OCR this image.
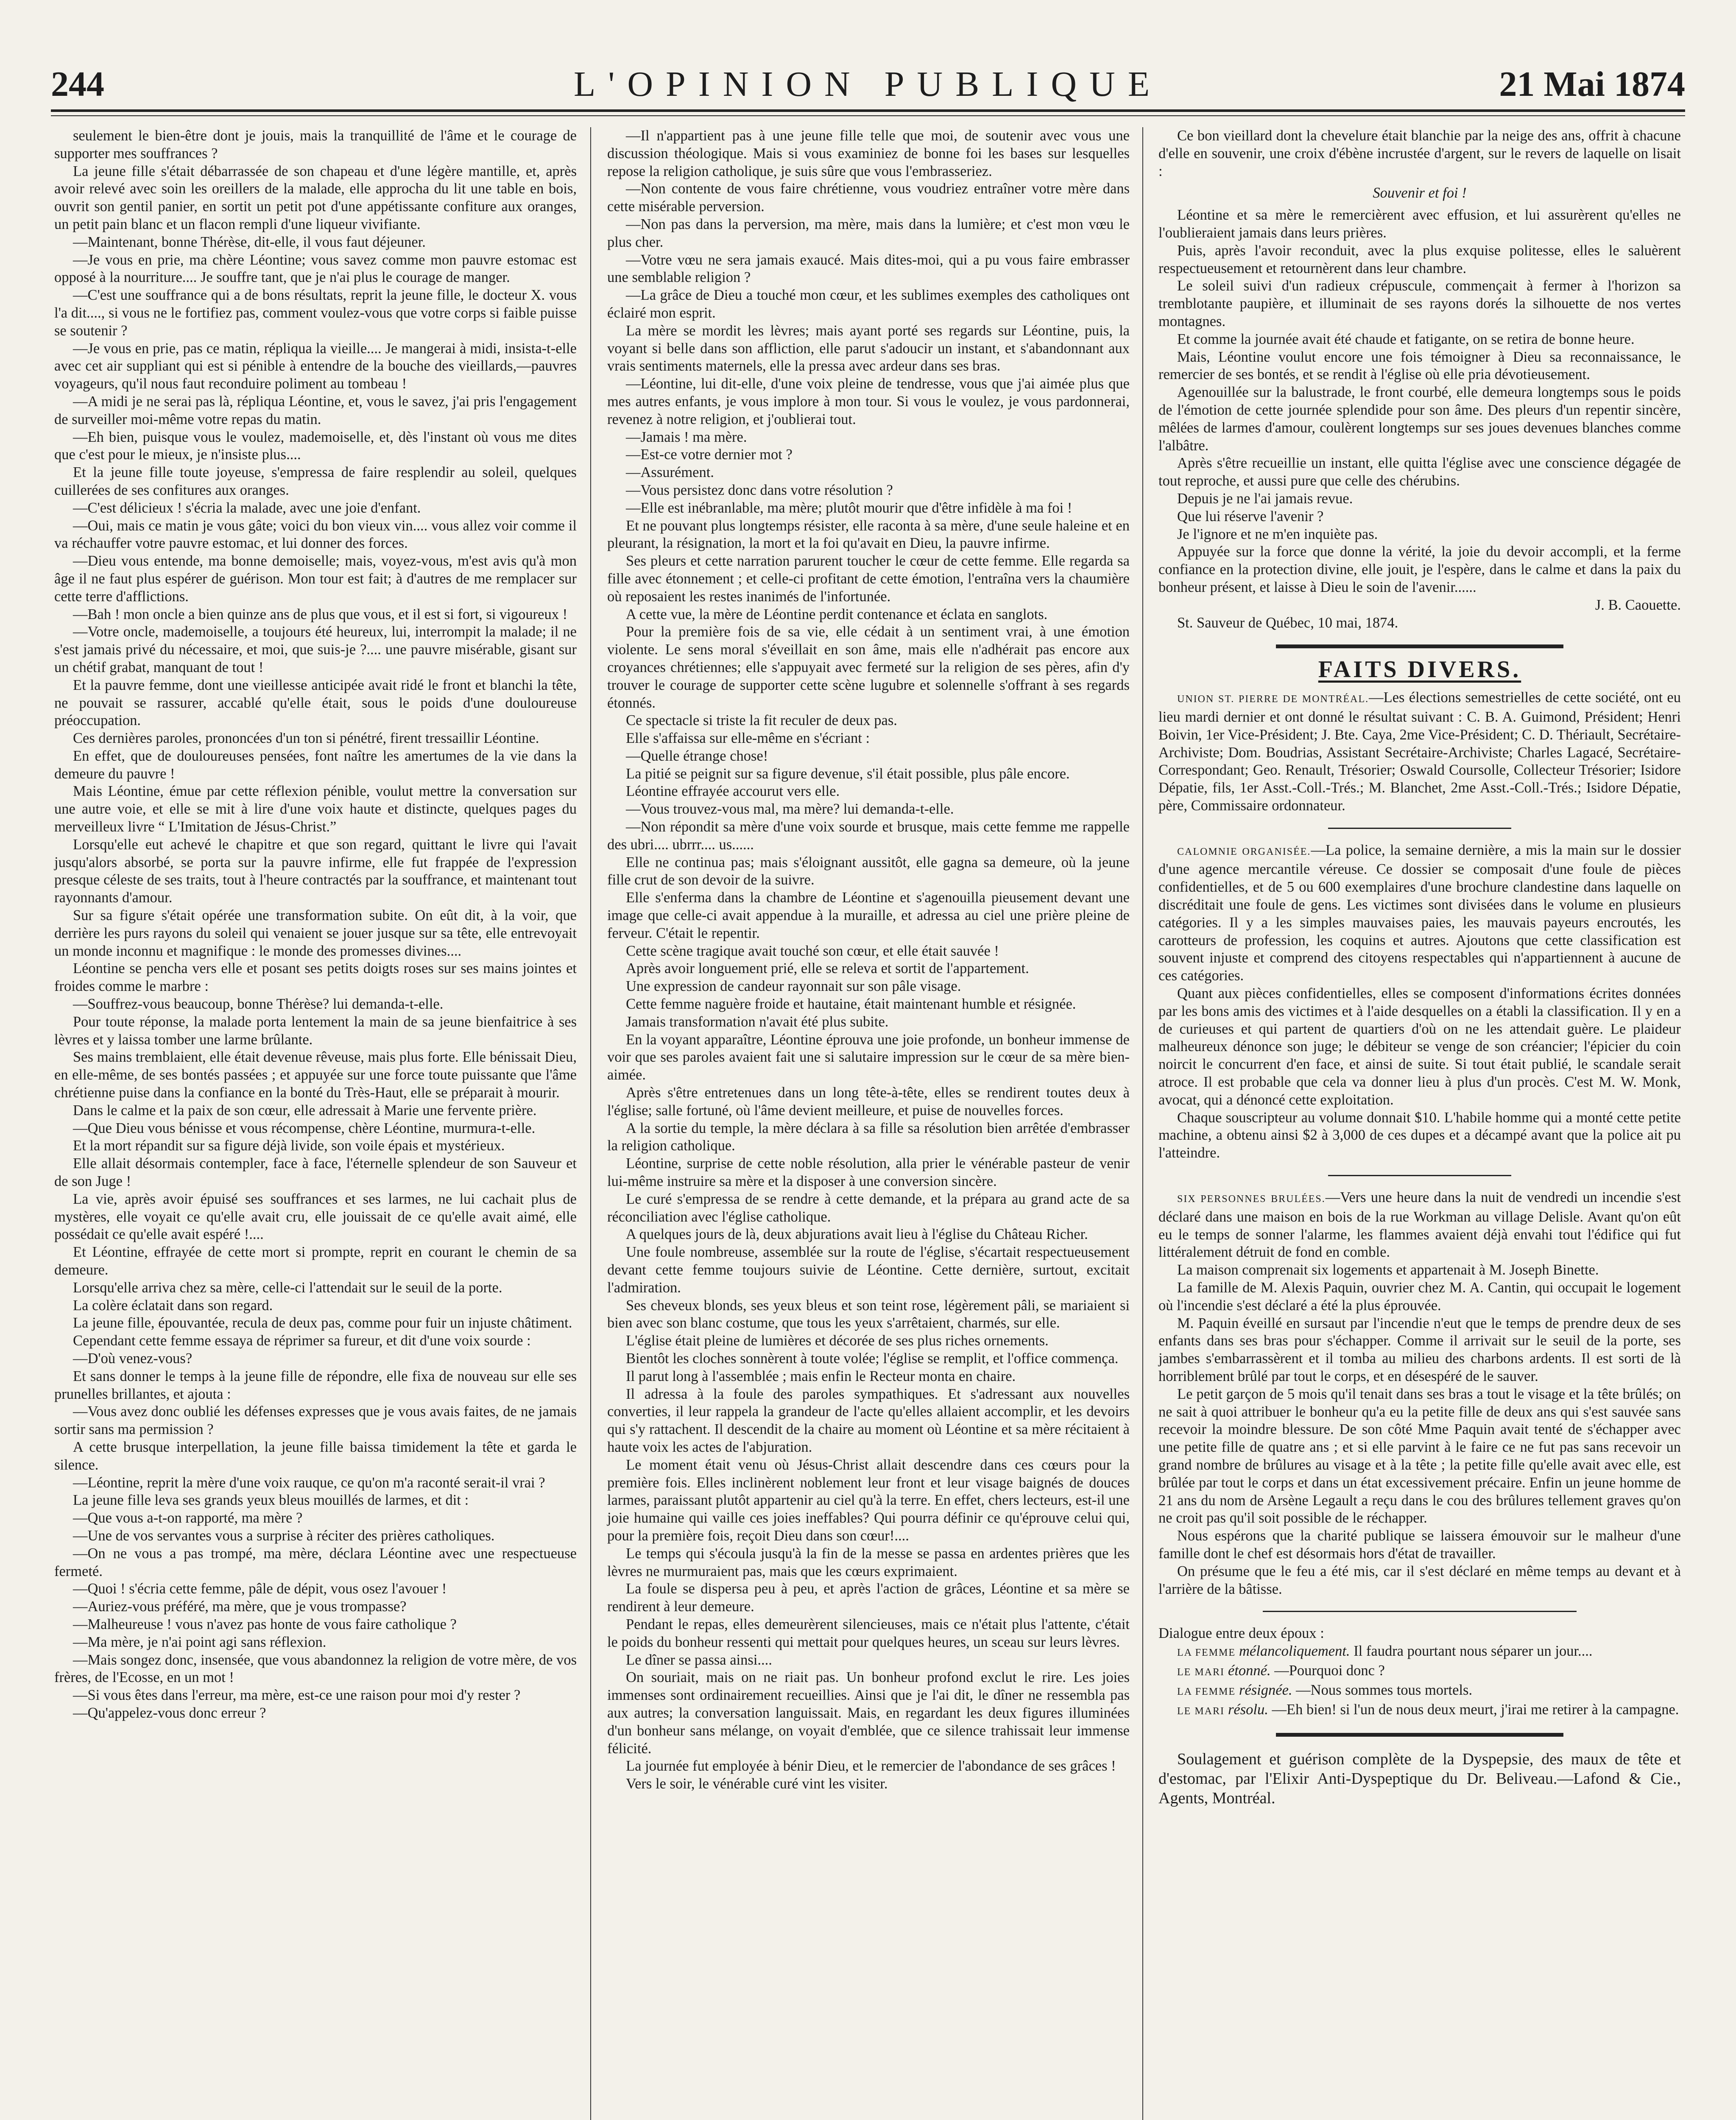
244	L'OPINION PUBLIQUE	21 Mai 1874

seulement le bien-être dont je jouis, mais la tranquillité de l'âme et le courage de supporter mes souffrances ?

La jeune fille s'était débarrassée de son chapeau et d'une légère mantille, et, après avoir relevé avec soin les oreillers de la malade, elle approcha du lit une table en bois, ouvrit son gentil panier, en sortit un petit pot d'une appétissante confiture aux oranges, un petit pain blanc et un flacon rempli d'une liqueur vivifiante.

—Maintenant, bonne Thérèse, dit-elle, il vous faut déjeuner.

—Je vous en prie, ma chère Léontine; vous savez comme mon pauvre estomac est opposé à la nourriture.... Je souffre tant, que je n'ai plus le courage de manger.

—C'est une souffrance qui a de bons résultats, reprit la jeune fille, le docteur X. vous l'a dit...., si vous ne le fortifiez pas, comment voulez-vous que votre corps si faible puisse se soutenir ?

—Je vous en prie, pas ce matin, répliqua la vieille.... Je mangerai à midi, insista-t-elle avec cet air suppliant qui est si pénible à entendre de la bouche des vieillards,—pauvres voyageurs, qu'il nous faut reconduire poliment au tombeau !

—A midi je ne serai pas là, répliqua Léontine, et, vous le savez, j'ai pris l'engagement de surveiller moi-même votre repas du matin.

—Eh bien, puisque vous le voulez, mademoiselle, et, dès l'instant où vous me dites que c'est pour le mieux, je n'insiste plus....

Et la jeune fille toute joyeuse, s'empressa de faire resplendir au soleil, quelques cuillerées de ses confitures aux oranges.

—C'est délicieux ! s'écria la malade, avec une joie d'enfant.

—Oui, mais ce matin je vous gâte; voici du bon vieux vin.... vous allez voir comme il va réchauffer votre pauvre estomac, et lui donner des forces.

—Dieu vous entende, ma bonne demoiselle; mais, voyez-vous, m'est avis qu'à mon âge il ne faut plus espérer de guérison. Mon tour est fait; à d'autres de me remplacer sur cette terre d'afflictions.

—Bah ! mon oncle a bien quinze ans de plus que vous, et il est si fort, si vigoureux !

—Votre oncle, mademoiselle, a toujours été heureux, lui, interrompit la malade; il ne s'est jamais privé du nécessaire, et moi, que suis-je ?.... une pauvre misérable, gisant sur un chétif grabat, manquant de tout !

Et la pauvre femme, dont une vieillesse anticipée avait ridé le front et blanchi la tête, ne pouvait se rassurer, accablé qu'elle était, sous le poids d'une douloureuse préoccupation.

Ces dernières paroles, prononcées d'un ton si pénétré, firent tressaillir Léontine.

En effet, que de douloureuses pensées, font naître les amertumes de la vie dans la demeure du pauvre !

Mais Léontine, émue par cette réflexion pénible, voulut mettre la conversation sur une autre voie, et elle se mit à lire d'une voix haute et distincte, quelques pages du merveilleux livre “ L'Imitation de Jésus-Christ.”

Lorsqu'elle eut achevé le chapitre et que son regard, quittant le livre qui l'avait jusqu'alors absorbé, se porta sur la pauvre infirme, elle fut frappée de l'expression presque céleste de ses traits, tout à l'heure contractés par la souffrance, et maintenant tout rayonnants d'amour.

Sur sa figure s'était opérée une transformation subite. On eût dit, à la voir, que derrière les purs rayons du soleil qui venaient se jouer jusque sur sa tête, elle entrevoyait un monde inconnu et magnifique : le monde des promesses divines....

Léontine se pencha vers elle et posant ses petits doigts roses sur ses mains jointes et froides comme le marbre :

—Souffrez-vous beaucoup, bonne Thérèse? lui demanda-t-elle.

Pour toute réponse, la malade porta lentement la main de sa jeune bienfaitrice à ses lèvres et y laissa tomber une larme brûlante.

Ses mains tremblaient, elle était devenue rêveuse, mais plus forte. Elle bénissait Dieu, en elle-même, de ses bontés passées ; et appuyée sur une force toute puissante que l'âme chrétienne puise dans la confiance en la bonté du Très-Haut, elle se préparait à mourir.

Dans le calme et la paix de son cœur, elle adressait à Marie une fervente prière.

—Que Dieu vous bénisse et vous récompense, chère Léontine, murmura-t-elle.

Et la mort répandit sur sa figure déjà livide, son voile épais et mystérieux.

Elle allait désormais contempler, face à face, l'éternelle splendeur de son Sauveur et de son Juge !

La vie, après avoir épuisé ses souffrances et ses larmes, ne lui cachait plus de mystères, elle voyait ce qu'elle avait cru, elle jouissait de ce qu'elle avait aimé, elle possédait ce qu'elle avait espéré !....

Et Léontine, effrayée de cette mort si prompte, reprit en courant le chemin de sa demeure.

Lorsqu'elle arriva chez sa mère, celle-ci l'attendait sur le seuil de la porte.

La colère éclatait dans son regard.

La jeune fille, épouvantée, recula de deux pas, comme pour fuir un injuste châtiment.

Cependant cette femme essaya de réprimer sa fureur, et dit d'une voix sourde :

—D'où venez-vous?

Et sans donner le temps à la jeune fille de répondre, elle fixa de nouveau sur elle ses prunelles brillantes, et ajouta :

—Vous avez donc oublié les défenses expresses que je vous avais faites, de ne jamais sortir sans ma permission ?

A cette brusque interpellation, la jeune fille baissa timidement la tête et garda le silence.

—Léontine, reprit la mère d'une voix rauque, ce qu'on m'a raconté serait-il vrai ?

La jeune fille leva ses grands yeux bleus mouillés de larmes, et dit :

—Que vous a-t-on rapporté, ma mère ?

—Une de vos servantes vous a surprise à réciter des prières catholiques.

—On ne vous a pas trompé, ma mère, déclara Léontine avec une respectueuse fermeté.

—Quoi ! s'écria cette femme, pâle de dépit, vous osez l'avouer !

—Auriez-vous préféré, ma mère, que je vous trompasse?

—Malheureuse ! vous n'avez pas honte de vous faire catholique ?

—Ma mère, je n'ai point agi sans réflexion.

—Mais songez donc, insensée, que vous abandonnez la religion de votre mère, de vos frères, de l'Ecosse, en un mot !

—Si vous êtes dans l'erreur, ma mère, est-ce une raison pour moi d'y rester ?

—Qu'appelez-vous donc erreur ?

—Il n'appartient pas à une jeune fille telle que moi, de soutenir avec vous une discussion théologique. Mais si vous examiniez de bonne foi les bases sur lesquelles repose la religion catholique, je suis sûre que vous l'embrasseriez.

—Non contente de vous faire chrétienne, vous voudriez entraîner votre mère dans cette misérable perversion.

—Non pas dans la perversion, ma mère, mais dans la lumière; et c'est mon vœu le plus cher.

—Votre vœu ne sera jamais exaucé. Mais dites-moi, qui a pu vous faire embrasser une semblable religion ?

—La grâce de Dieu a touché mon cœur, et les sublimes exemples des catholiques ont éclairé mon esprit.

La mère se mordit les lèvres; mais ayant porté ses regards sur Léontine, puis, la voyant si belle dans son affliction, elle parut s'adoucir un instant, et s'abandonnant aux vrais sentiments maternels, elle la pressa avec ardeur dans ses bras.

—Léontine, lui dit-elle, d'une voix pleine de tendresse, vous que j'ai aimée plus que mes autres enfants, je vous implore à mon tour. Si vous le voulez, je vous pardonnerai, revenez à notre religion, et j'oublierai tout.

—Jamais ! ma mère.

—Est-ce votre dernier mot ?

—Assurément.

—Vous persistez donc dans votre résolution ?

—Elle est inébranlable, ma mère; plutôt mourir que d'être infidèle à ma foi !

Et ne pouvant plus longtemps résister, elle raconta à sa mère, d'une seule haleine et en pleurant, la résignation, la mort et la foi qu'avait en Dieu, la pauvre infirme.

Ses pleurs et cette narration parurent toucher le cœur de cette femme. Elle regarda sa fille avec étonnement ; et celle-ci profitant de cette émotion, l'entraîna vers la chaumière où reposaient les restes inanimés de l'infortunée.

A cette vue, la mère de Léontine perdit contenance et éclata en sanglots.

Pour la première fois de sa vie, elle cédait à un sentiment vrai, à une émotion violente. Le sens moral s'éveillait en son âme, mais elle n'adhérait pas encore aux croyances chrétiennes; elle s'appuyait avec fermeté sur la religion de ses pères, afin d'y trouver le courage de supporter cette scène lugubre et solennelle s'offrant à ses regards étonnés.

Ce spectacle si triste la fit reculer de deux pas.

Elle s'affaissa sur elle-même en s'écriant :

—Quelle étrange chose!

La pitié se peignit sur sa figure devenue, s'il était possible, plus pâle encore.

Léontine effrayée accourut vers elle.

—Vous trouvez-vous mal, ma mère? lui demanda-t-elle.

—Non répondit sa mère d'une voix sourde et brusque, mais cette femme me rappelle des ubri.... ubrrr.... us......

Elle ne continua pas; mais s'éloignant aussitôt, elle gagna sa demeure, où la jeune fille crut de son devoir de la suivre.

Elle s'enferma dans la chambre de Léontine et s'agenouilla pieusement devant une image que celle-ci avait appendue à la muraille, et adressa au ciel une prière pleine de ferveur. C'était le repentir.

Cette scène tragique avait touché son cœur, et elle était sauvée !

Après avoir longuement prié, elle se releva et sortit de l'appartement.

Une expression de candeur rayonnait sur son pâle visage.

Cette femme naguère froide et hautaine, était maintenant humble et résignée.

Jamais transformation n'avait été plus subite.

En la voyant apparaître, Léontine éprouva une joie profonde, un bonheur immense de voir que ses paroles avaient fait une si salutaire impression sur le cœur de sa mère bien-aimée.

Après s'être entretenues dans un long tête-à-tête, elles se rendirent toutes deux à l'église; salle fortuné, où l'âme devient meilleure, et puise de nouvelles forces.

A la sortie du temple, la mère déclara à sa fille sa résolution bien arrêtée d'embrasser la religion catholique.

Léontine, surprise de cette noble résolution, alla prier le vénérable pasteur de venir lui-même instruire sa mère et la disposer à une conversion sincère.

Le curé s'empressa de se rendre à cette demande, et la prépara au grand acte de sa réconciliation avec l'église catholique.

A quelques jours de là, deux abjurations avait lieu à l'église du Château Richer.

Une foule nombreuse, assemblée sur la route de l'église, s'écartait respectueusement devant cette femme toujours suivie de Léontine. Cette dernière, surtout, excitait l'admiration.

Ses cheveux blonds, ses yeux bleus et son teint rose, légèrement pâli, se mariaient si bien avec son blanc costume, que tous les yeux s'arrêtaient, charmés, sur elle.

L'église était pleine de lumières et décorée de ses plus riches ornements.

Bientôt les cloches sonnèrent à toute volée; l'église se remplit, et l'office commença.

Il parut long à l'assemblée ; mais enfin le Recteur monta en chaire.

Il adressa à la foule des paroles sympathiques. Et s'adressant aux nouvelles converties, il leur rappela la grandeur de l'acte qu'elles allaient accomplir, et les devoirs qui s'y rattachent. Il descendit de la chaire au moment où Léontine et sa mère récitaient à haute voix les actes de l'abjuration.

Le moment était venu où Jésus-Christ allait descendre dans ces cœurs pour la première fois. Elles inclinèrent noblement leur front et leur visage baignés de douces larmes, paraissant plutôt appartenir au ciel qu'à la terre. En effet, chers lecteurs, est-il une joie humaine qui vaille ces joies ineffables? Qui pourra définir ce qu'éprouve celui qui, pour la première fois, reçoit Dieu dans son cœur!....

Le temps qui s'écoula jusqu'à la fin de la messe se passa en ardentes prières que les lèvres ne murmuraient pas, mais que les cœurs exprimaient.

La foule se dispersa peu à peu, et après l'action de grâces, Léontine et sa mère se rendirent à leur demeure.

Pendant le repas, elles demeurèrent silencieuses, mais ce n'était plus l'attente, c'était le poids du bonheur ressenti qui mettait pour quelques heures, un sceau sur leurs lèvres.

Le dîner se passa ainsi....

On souriait, mais on ne riait pas. Un bonheur profond exclut le rire. Les joies immenses sont ordinairement recueillies. Ainsi que je l'ai dit, le dîner ne ressembla pas aux autres; la conversation languissait. Mais, en regardant les deux figures illuminées d'un bonheur sans mélange, on voyait d'emblée, que ce silence trahissait leur immense félicité.

La journée fut employée à bénir Dieu, et le remercier de l'abondance de ses grâces !

Vers le soir, le vénérable curé vint les visiter.

Ce bon vieillard dont la chevelure était blanchie par la neige des ans, offrit à chacune d'elle en souvenir, une croix d'ébène incrustée d'argent, sur le revers de laquelle on lisait :

Souvenir et foi !

Léontine et sa mère le remercièrent avec effusion, et lui assurèrent qu'elles ne l'oublieraient jamais dans leurs prières.

Puis, après l'avoir reconduit, avec la plus exquise politesse, elles le saluèrent respectueusement et retournèrent dans leur chambre.

Le soleil suivi d'un radieux crépuscule, commençait à fermer à l'horizon sa tremblotante paupière, et illuminait de ses rayons dorés la silhouette de nos vertes montagnes.

Et comme la journée avait été chaude et fatigante, on se retira de bonne heure.

Mais, Léontine voulut encore une fois témoigner à Dieu sa reconnaissance, le remercier de ses bontés, et se rendit à l'église où elle pria dévotieusement.

Agenouillée sur la balustrade, le front courbé, elle demeura longtemps sous le poids de l'émotion de cette journée splendide pour son âme. Des pleurs d'un repentir sincère, mêlées de larmes d'amour, coulèrent longtemps sur ses joues devenues blanches comme l'albâtre.

Après s'être recueillie un instant, elle quitta l'église avec une conscience dégagée de tout reproche, et aussi pure que celle des chérubins.

Depuis je ne l'ai jamais revue.

Que lui réserve l'avenir ?

Je l'ignore et ne m'en inquiète pas.

Appuyée sur la force que donne la vérité, la joie du devoir accompli, et la ferme confiance en la protection divine, elle jouit, je l'espère, dans le calme et dans la paix du bonheur présent, et laisse à Dieu le soin de l'avenir......

J. B. Caouette.

St. Sauveur de Québec, 10 mai, 1874.

FAITS DIVERS.

UNION ST. PIERRE DE MONTRÉAL.—Les élections semestrielles de cette société, ont eu lieu mardi dernier et ont donné le résultat suivant : C. B. A. Guimond, Président; Henri Boivin, 1er Vice-Président; J. Bte. Caya, 2me Vice-Président; C. D. Thériault, Secrétaire-Archiviste; Dom. Boudrias, Assistant Secrétaire-Archiviste; Charles Lagacé, Secrétaire-Correspondant; Geo. Renault, Trésorier; Oswald Coursolle, Collecteur Trésorier; Isidore Dépatie, fils, 1er Asst.-Coll.-Trés.; M. Blanchet, 2me Asst.-Coll.-Trés.; Isidore Dépatie, père, Commissaire ordonnateur.

CALOMNIE ORGANISÉE.—La police, la semaine dernière, a mis la main sur le dossier d'une agence mercantile véreuse. Ce dossier se composait d'une foule de pièces confidentielles, et de 5 ou 600 exemplaires d'une brochure clandestine dans laquelle on discréditait une foule de gens. Les victimes sont divisées dans le volume en plusieurs catégories. Il y a les simples mauvaises paies, les mauvais payeurs encroutés, les carotteurs de profession, les coquins et autres. Ajoutons que cette classification est souvent injuste et comprend des citoyens respectables qui n'appartiennent à aucune de ces catégories.

Quant aux pièces confidentielles, elles se composent d'informations écrites données par les bons amis des victimes et à l'aide desquelles on a établi la classification. Il y en a de curieuses et qui partent de quartiers d'où on ne les attendait guère. Le plaideur malheureux dénonce son juge; le débiteur se venge de son créancier; l'épicier du coin noircit le concurrent d'en face, et ainsi de suite. Si tout était publié, le scandale serait atroce. Il est probable que cela va donner lieu à plus d'un procès. C'est M. W. Monk, avocat, qui a dénoncé cette exploitation.

Chaque souscripteur au volume donnait $10. L'habile homme qui a monté cette petite machine, a obtenu ainsi $2 à 3,000 de ces dupes et a décampé avant que la police ait pu l'atteindre.

SIX PERSONNES BRULÉES.—Vers une heure dans la nuit de vendredi un incendie s'est déclaré dans une maison en bois de la rue Workman au village Delisle. Avant qu'on eût eu le temps de sonner l'alarme, les flammes avaient déjà envahi tout l'édifice qui fut littéralement détruit de fond en comble.

La maison comprenait six logements et appartenait à M. Joseph Binette.

La famille de M. Alexis Paquin, ouvrier chez M. A. Cantin, qui occupait le logement où l'incendie s'est déclaré a été la plus éprouvée.

M. Paquin éveillé en sursaut par l'incendie n'eut que le temps de prendre deux de ses enfants dans ses bras pour s'échapper. Comme il arrivait sur le seuil de la porte, ses jambes s'embarrassèrent et il tomba au milieu des charbons ardents. Il est sorti de là horriblement brûlé par tout le corps, et en désespéré de le sauver.

Le petit garçon de 5 mois qu'il tenait dans ses bras a tout le visage et la tête brûlés; on ne sait à quoi attribuer le bonheur qu'a eu la petite fille de deux ans qui s'est sauvée sans recevoir la moindre blessure. De son côté Mme Paquin avait tenté de s'échapper avec une petite fille de quatre ans ; et si elle parvint à le faire ce ne fut pas sans recevoir un grand nombre de brûlures au visage et à la tête ; la petite fille qu'elle avait avec elle, est brûlée par tout le corps et dans un état excessivement précaire. Enfin un jeune homme de 21 ans du nom de Arsène Legault a reçu dans le cou des brûlures tellement graves qu'on ne croit pas qu'il soit possible de le réchapper.

Nous espérons que la charité publique se laissera émouvoir sur le malheur d'une famille dont le chef est désormais hors d'état de travailler.

On présume que le feu a été mis, car il s'est déclaré en même temps au devant et à l'arrière de la bâtisse.

Dialogue entre deux époux :

LA FEMME mélancoliquement. Il faudra pourtant nous séparer un jour....

LE MARI étonné. —Pourquoi donc ?

LA FEMME résignée. —Nous sommes tous mortels.

LE MARI résolu. —Eh bien! si l'un de nous deux meurt, j'irai me retirer à la campagne.

Soulagement et guérison complète de la Dyspepsie, des maux de tête et d'estomac, par l'Elixir Anti-Dyspeptique du Dr. Beliveau.—Lafond & Cie., Agents, Montréal.
